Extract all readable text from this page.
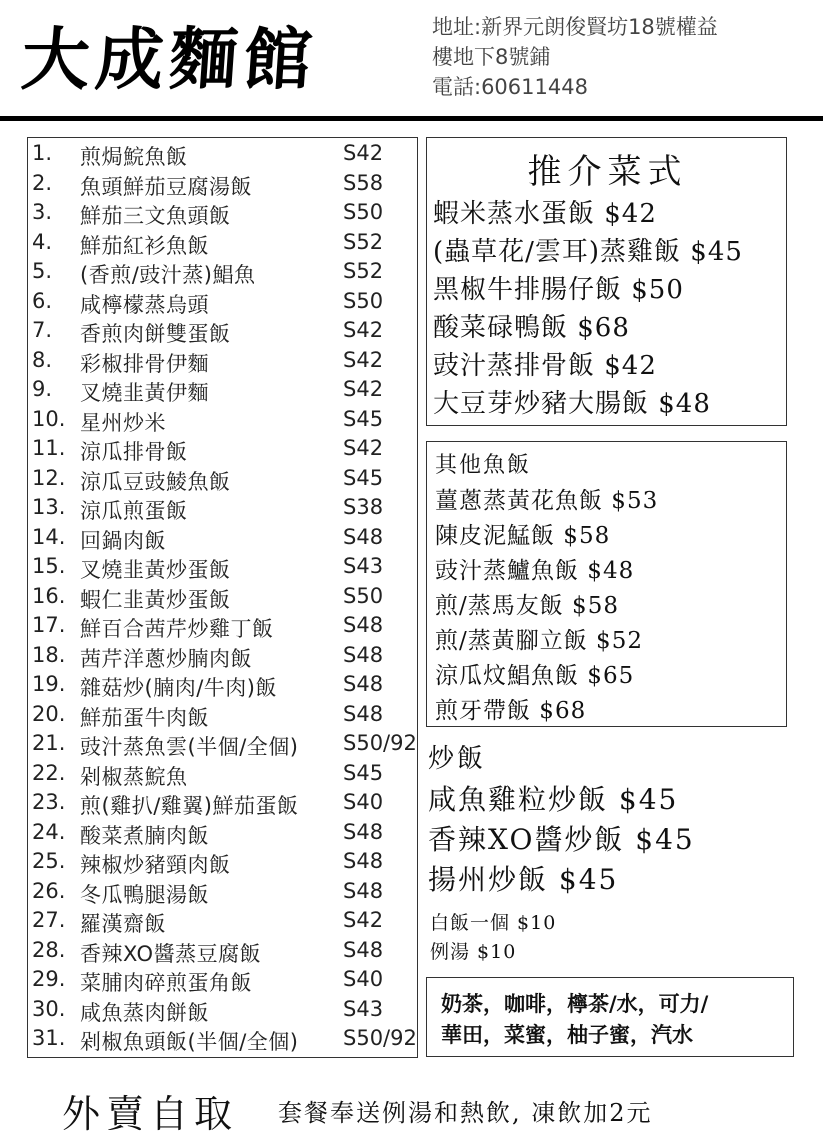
大成麵館	地址:新界元朗俊賢坊18號權益
樓地下8號鋪
電話:60611448
1. 煎焗鯇魚飯	S42
2. 魚頭鮮茄豆腐湯飯	S58
3. 鮮茄三文魚頭飯	S50
4. 鮮茄紅衫魚飯	S52
5. (香煎/豉汁蒸)鯧魚	S52
6. 咸檸檬蒸烏頭	S50
7. 香煎肉餅雙蛋飯	S42
8. 彩椒排骨伊麵	S42
9. 叉燒韭黃伊麵	S42
10. 星州炒米	S45
11. 涼瓜排骨飯	S42
12. 涼瓜豆豉鯪魚飯	S45
13. 涼瓜煎蛋飯	S38
14. 回鍋肉飯	S48
15. 叉燒韭黃炒蛋飯	S43
16. 蝦仁韭黃炒蛋飯	S50
17. 鮮百合茜芹炒雞丁飯	S48
18. 茜芹洋蔥炒腩肉飯	S48
19. 雜菇炒(腩肉/牛肉)飯	S48
20. 鮮茄蛋牛肉飯	S48
21. 豉汁蒸魚雲(半個/全個) S50/92
22. 剁椒蒸鯇魚	S45
23. 煎(雞扒/雞翼)鮮茄蛋飯 S40
24. 酸菜煮腩肉飯	S48
25. 辣椒炒豬頸肉飯	S48
26. 冬瓜鴨腿湯飯	S48
27. 羅漢齋飯	S42
28. 香辣XO醬蒸豆腐飯	S48
29. 菜脯肉碎煎蛋角飯	S40
30. 咸魚蒸肉餅飯	S43
31. 剁椒魚頭飯(半個/全個) S50/92
推介菜式
蝦米蒸水蛋飯 $42
(蟲草花/雲耳)蒸雞飯 $45
黑椒牛排腸仔飯 $50
酸菜碌鴨飯 $68
豉汁蒸排骨飯 $42
大豆芽炒豬大腸飯 $48
其他魚飯
薑蔥蒸黃花魚飯 $53
陳皮泥鯭飯 $58
豉汁蒸鱸魚飯 $48
煎/蒸馬友飯 $58
煎/蒸黃腳立飯 $52
涼瓜炆鯧魚飯 $65
煎牙帶飯 $68
炒飯
咸魚雞粒炒飯 $45
香辣XO醬炒飯 $45
揚州炒飯 $45
白飯一個 $10
例湯 $10
奶茶，咖啡，檸茶/水，可力/
華田，菜蜜，柚子蜜，汽水
外賣自取 套餐奉送例湯和熱飲, 凍飲加2元
